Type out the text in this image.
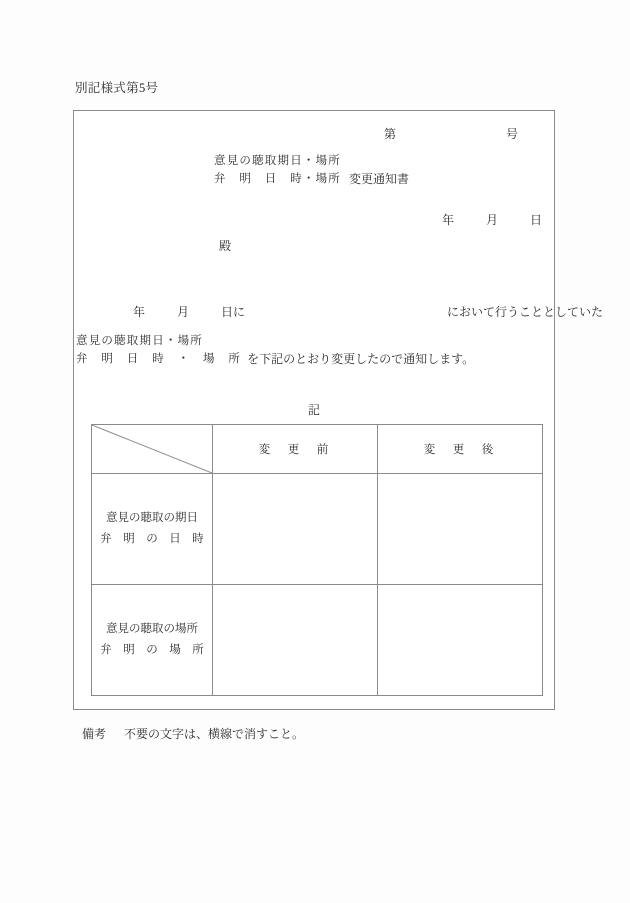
別記様式第5号
第	号
意見の聴取期日・場所
弁　明　日　時・場所 変更通知書
年	月	日
殿
年	月	日に	において行うこととしていた
意見の聴取期日・場所
弁　明　日　時　・　場　所 を下記のとおり変更したので通知します。
記
	変　更　前	変　更　後

意見の聴取の期日
弁　明　の　日　時		

意見の聴取の場所
弁　明　の　場　所		

備考 不要の文字は、横線で消すこと。
